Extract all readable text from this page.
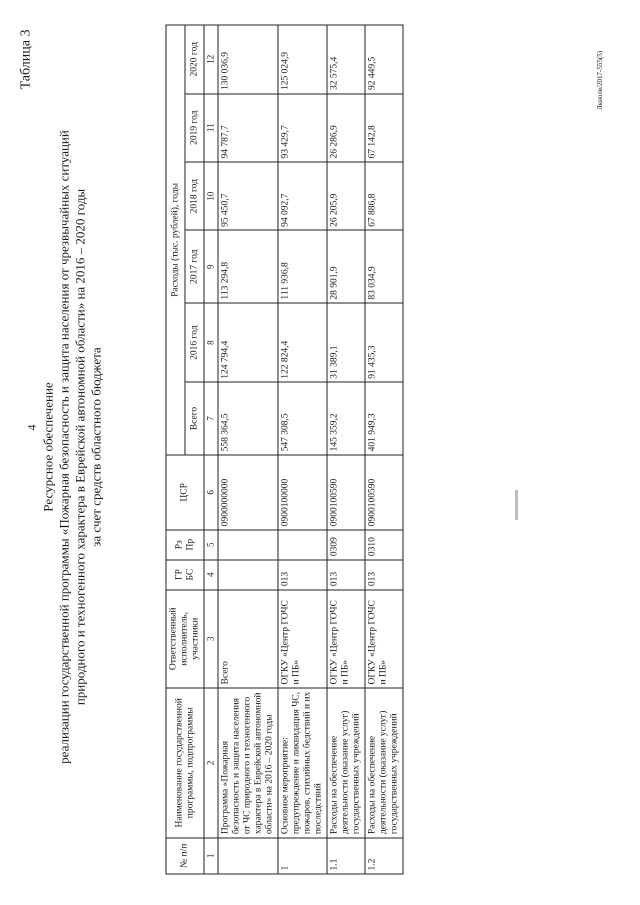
4
Лкнолв/2017-555(5)
Таблица 3
Ресурсное обеспечение реализации государственной программы «Пожарная безопасность и защита населения от чрезвычайных ситуаций природного и техногенного характера в Еврейской автономной области» на 2016 – 2020 годы за счет средств областного бюджета
№ п/п	Наименование государственной программы, подпрограммы	Ответственный исполнитель, участники	ГР БС	Рз Пр	ЦСР	Расходы (тыс. рублей), годы					
						Всего	2016 год	2017 год	2018 год	2019 год	2020 год
1	2	3	4	5	6	7	8	9	10	11	12
	Программа «Пожарная безопасность и защита населения от ЧС природного и техногенного характера в Еврейской автономной области» на 2016 – 2020 годы	Всего			0900000000	558 364,5	124 794,4	113 294,8	95 450,7	94 787,7	130 036,9
1	Основное мероприятие: предупреждение и ликвидация ЧС, пожаров, стихийных бедствий и их последствий	ОГКУ «Центр ГОЧС и ПБ»	013		0900100000	547 308,5	122 824,4	111 936,8	94 092,7	93 429,7	125 024,9
1.1	Расходы на обеспечение деятельности (оказание услуг) государственных учреждений	ОГКУ «Центр ГОЧС и ПБ»	013	0309	0900100590	145 359,2	31 389,1	28 901,9	26 205,9	26 286,9	32 575,4
1.2	Расходы на обеспечение деятельности (оказание услуг) государственных учреждений	ОГКУ «Центр ГОЧС и ПБ»	013	0310	0900100590	401 949,3	91 435,3	83 034,9	67 886,8	67 142,8	92 449,5
